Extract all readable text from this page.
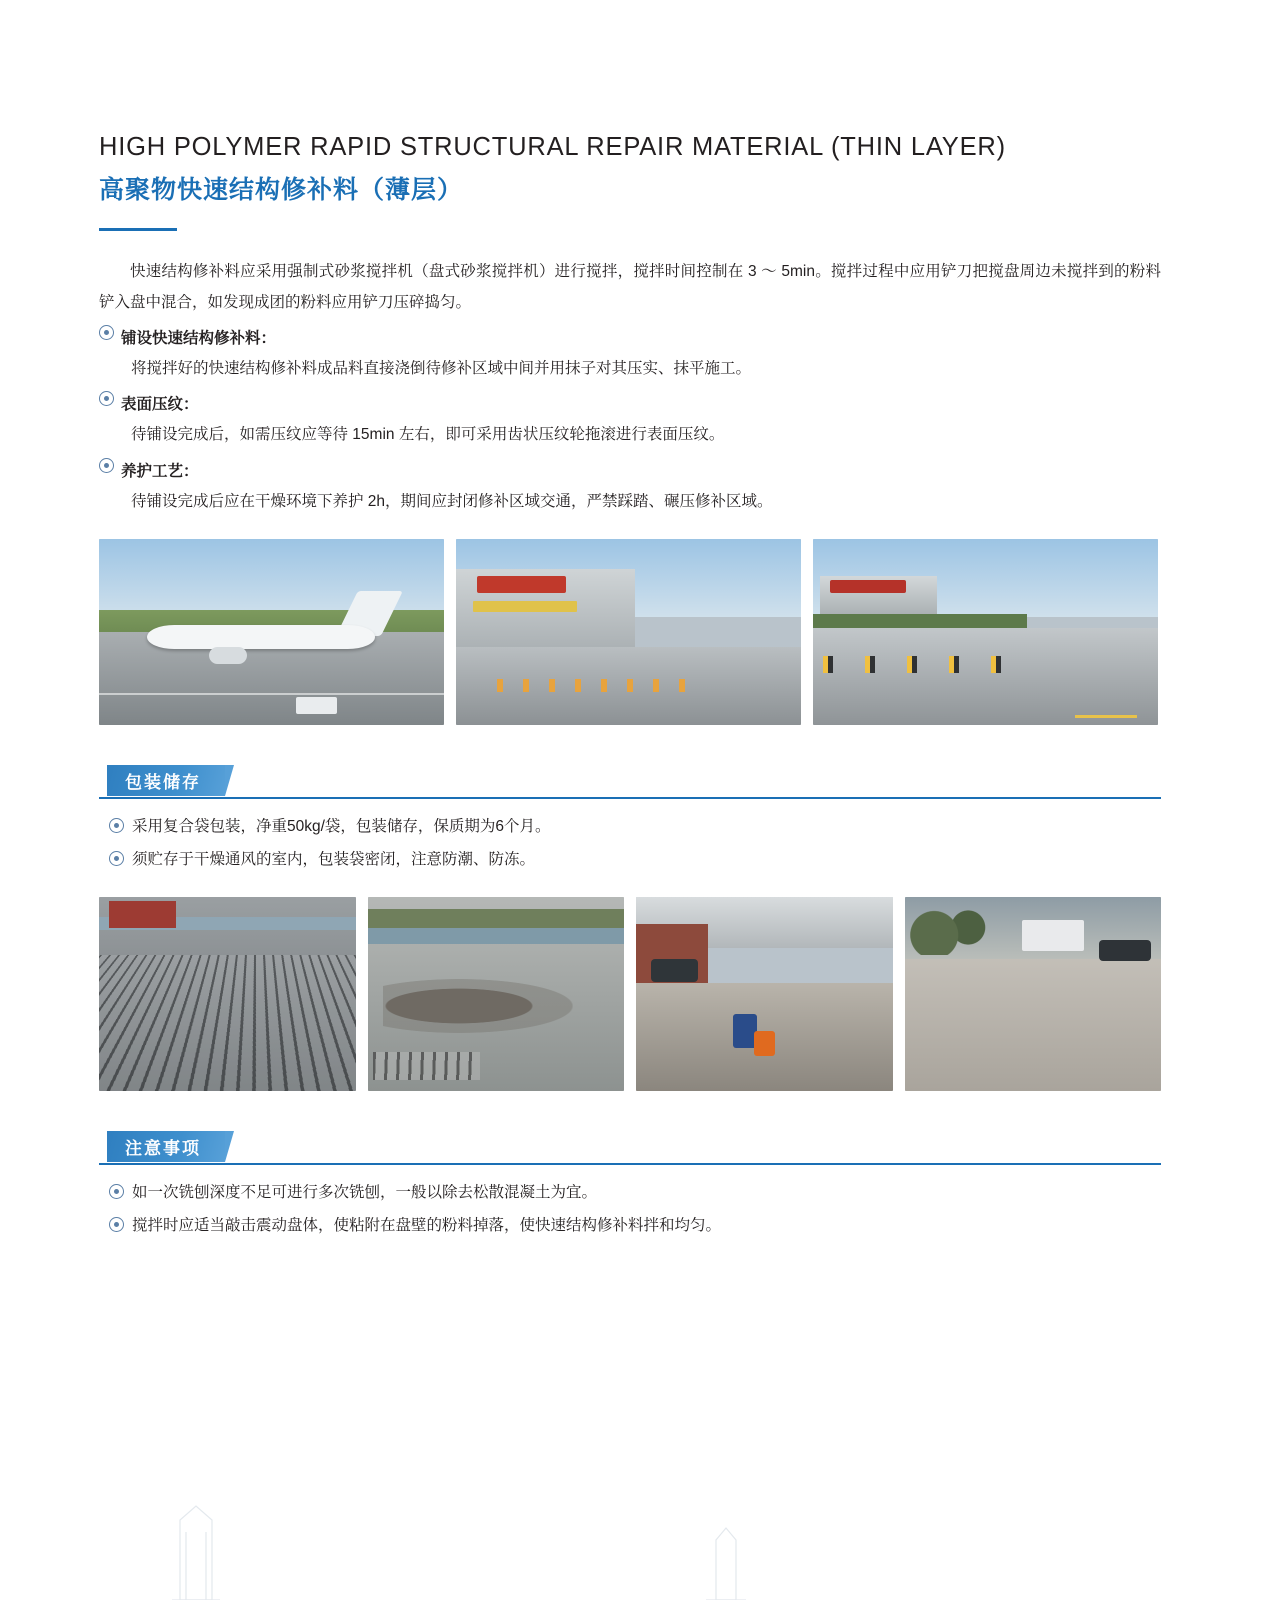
HIGH POLYMER RAPID STRUCTURAL REPAIR MATERIAL (THIN LAYER)
高聚物快速结构修补料（薄层）
快速结构修补料应采用强制式砂浆搅拌机（盘式砂浆搅拌机）进行搅拌，搅拌时间控制在 3 ～ 5min。搅拌过程中应用铲刀把搅盘周边未搅拌到的粉料铲入盘中混合，如发现成团的粉料应用铲刀压碎捣匀。
铺设快速结构修补料：
将搅拌好的快速结构修补料成品料直接浇倒待修补区域中间并用抹子对其压实、抹平施工。
表面压纹：
待铺设完成后，如需压纹应等待 15min 左右，即可采用齿状压纹轮拖滚进行表面压纹。
养护工艺：
待铺设完成后应在干燥环境下养护 2h，期间应封闭修补区域交通，严禁踩踏、碾压修补区域。
包装储存
采用复合袋包装，净重50kg/袋，包装储存，保质期为6个月。
须贮存于干燥通风的室内，包装袋密闭，注意防潮、防冻。
注意事项
如一次铣刨深度不足可进行多次铣刨，一般以除去松散混凝土为宜。
搅拌时应适当敲击震动盘体，使粘附在盘壁的粉料掉落，使快速结构修补料拌和均匀。
